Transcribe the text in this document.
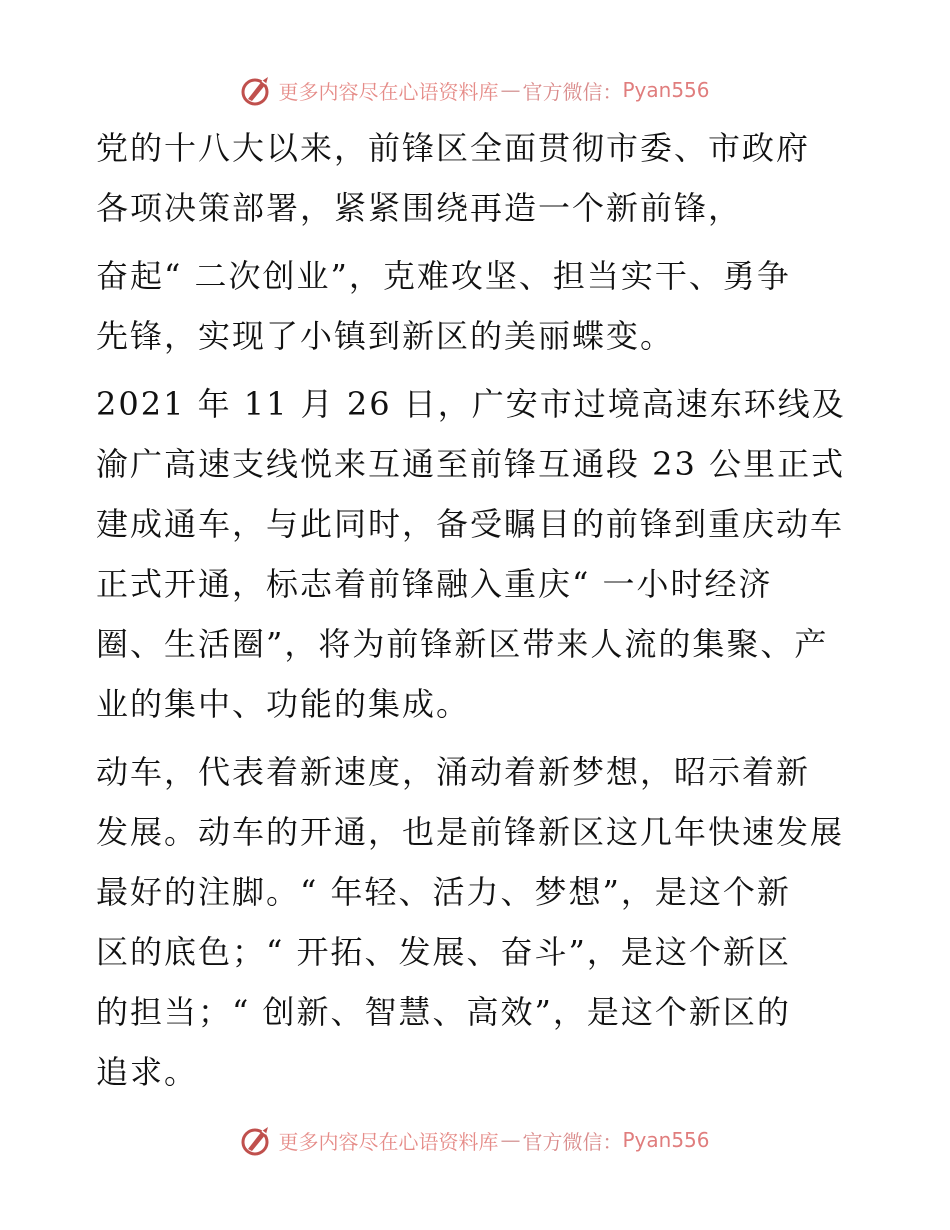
更多内容尽在心语资料库 — 官方微信： Pyan556

党的十八大以来，前锋区全面贯彻市委、市政府
各项决策部署，紧紧围绕再造一个新前锋，

奋起“ 二次创业”，克难攻坚、担当实干、勇争
先锋，实现了小镇到新区的美丽蝶变。

2021 年 11 月 26 日，广安市过境高速东环线及
渝广高速支线悦来互通至前锋互通段 23 公里正式
建成通车，与此同时，备受瞩目的前锋到重庆动车
正式开通，标志着前锋融入重庆“ 一小时经济
圈、生活圈”，将为前锋新区带来人流的集聚、产
业的集中、功能的集成。

动车，代表着新速度，涌动着新梦想，昭示着新
发展。动车的开通，也是前锋新区这几年快速发展
最好的注脚。“ 年轻、活力、梦想”，是这个新
区的底色；“ 开拓、发展、奋斗”，是这个新区
的担当；“ 创新、智慧、高效”，是这个新区的
追求。

更多内容尽在心语资料库 — 官方微信： Pyan556
